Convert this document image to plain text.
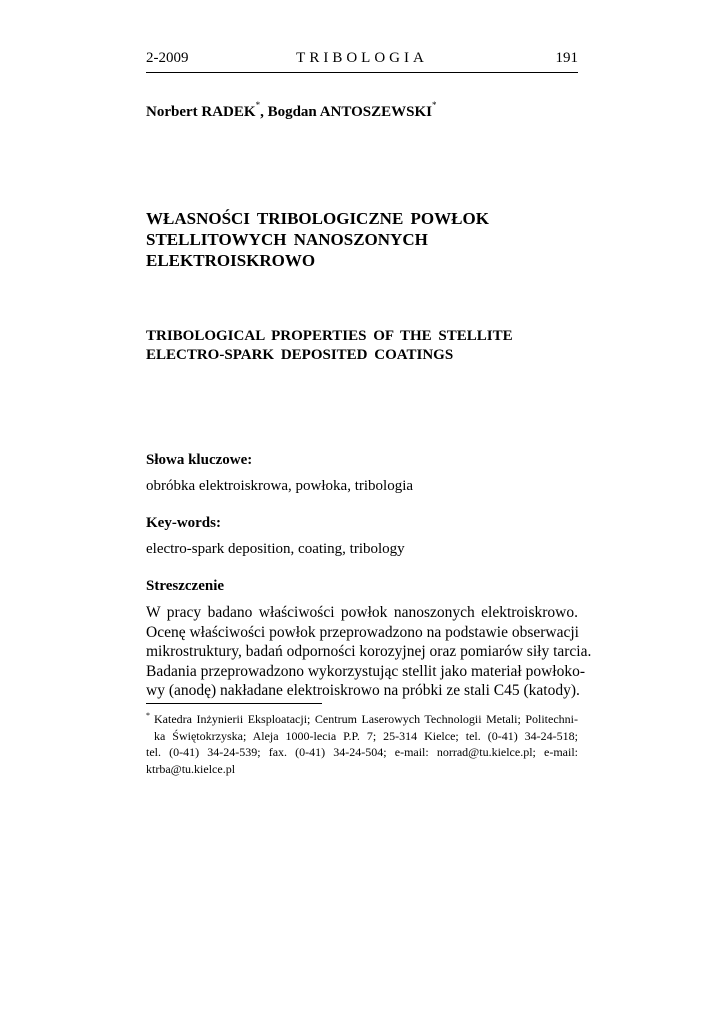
2-2009	TRIBOLOGIA	191
Norbert RADEK*, Bogdan ANTOSZEWSKI*
WŁASNOŚCI TRIBOLOGICZNE POWŁOK
STELLITOWYCH NANOSZONYCH
ELEKTROISKROWO
TRIBOLOGICAL PROPERTIES OF THE STELLITE
ELECTRO-SPARK DEPOSITED COATINGS
Słowa kluczowe:
obróbka elektroiskrowa, powłoka, tribologia
Key-words:
electro-spark deposition, coating, tribology
Streszczenie
W pracy badano właściwości powłok nanoszonych elektroiskrowo.
Ocenę właściwości powłok przeprowadzono na podstawie obserwacji
mikrostruktury, badań odporności korozyjnej oraz pomiarów siły tarcia.
Badania przeprowadzono wykorzystując stellit jako materiał powłoko-
wy (anodę) nakładane elektroiskrowo na próbki ze stali C45 (katody).
* Katedra Inżynierii Eksploatacji; Centrum Laserowych Technologii Metali; Politechni-
ka Świętokrzyska; Aleja 1000-lecia P.P. 7; 25-314 Kielce; tel. (0-41) 34-24-518;
tel. (0-41) 34-24-539; fax. (0-41) 34-24-504; e-mail: norrad@tu.kielce.pl; e-mail:
ktrba@tu.kielce.pl
